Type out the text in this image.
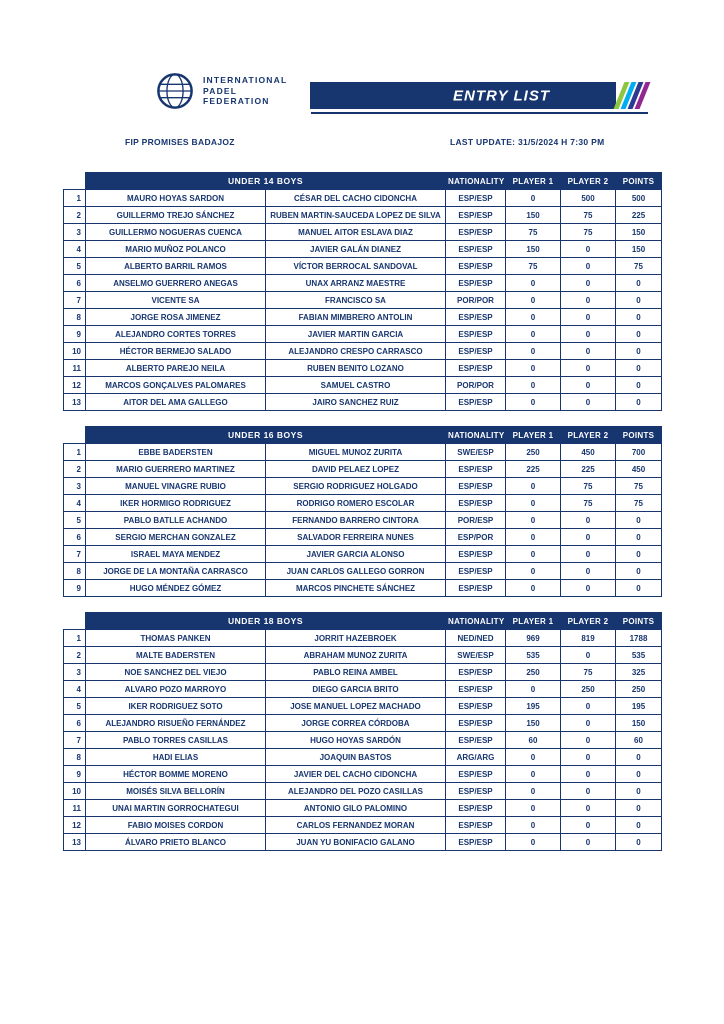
INTERNATIONAL
PADEL
FEDERATION	ENTRY LIST
FIP PROMISES BADAJOZ	LAST UPDATE: 31/5/2024 H 7:30 PM
	UNDER 14 BOYS		NATIONALITY	PLAYER 1	PLAYER 2	POINTS
1	MAURO HOYAS SARDON	CÉSAR DEL CACHO CIDONCHA	ESP/ESP	0	500	500
2	GUILLERMO TREJO SÁNCHEZ	RUBEN MARTIN-SAUCEDA LOPEZ DE SILVA	ESP/ESP	150	75	225
3	GUILLERMO NOGUERAS CUENCA	MANUEL AITOR ESLAVA DIAZ	ESP/ESP	75	75	150
4	MARIO MUÑOZ POLANCO	JAVIER GALÁN DIANEZ	ESP/ESP	150	0	150
5	ALBERTO BARRIL RAMOS	VÍCTOR BERROCAL SANDOVAL	ESP/ESP	75	0	75
6	ANSELMO GUERRERO ANEGAS	UNAX ARRANZ MAESTRE	ESP/ESP	0	0	0
7	VICENTE SA	FRANCISCO SA	POR/POR	0	0	0
8	JORGE ROSA JIMENEZ	FABIAN MIMBRERO ANTOLIN	ESP/ESP	0	0	0
9	ALEJANDRO CORTES TORRES	JAVIER MARTIN GARCIA	ESP/ESP	0	0	0
10	HÉCTOR BERMEJO SALADO	ALEJANDRO CRESPO CARRASCO	ESP/ESP	0	0	0
11	ALBERTO PAREJO NEILA	RUBEN BENITO LOZANO	ESP/ESP	0	0	0
12	MARCOS GONÇALVES PALOMARES	SAMUEL CASTRO	POR/POR	0	0	0
13	AITOR DEL AMA GALLEGO	JAIRO SANCHEZ RUIZ	ESP/ESP	0	0	0
	UNDER 16 BOYS		NATIONALITY	PLAYER 1	PLAYER 2	POINTS
1	EBBE BADERSTEN	MIGUEL MUNOZ ZURITA	SWE/ESP	250	450	700
2	MARIO GUERRERO MARTINEZ	DAVID PELAEZ LOPEZ	ESP/ESP	225	225	450
3	MANUEL VINAGRE RUBIO	SERGIO RODRIGUEZ HOLGADO	ESP/ESP	0	75	75
4	IKER HORMIGO RODRIGUEZ	RODRIGO ROMERO ESCOLAR	ESP/ESP	0	75	75
5	PABLO BATLLE ACHANDO	FERNANDO BARRERO CINTORA	POR/ESP	0	0	0
6	SERGIO MERCHAN GONZALEZ	SALVADOR FERREIRA NUNES	ESP/POR	0	0	0
7	ISRAEL MAYA MENDEZ	JAVIER GARCIA ALONSO	ESP/ESP	0	0	0
8	JORGE DE LA MONTAÑA CARRASCO	JUAN CARLOS GALLEGO GORRON	ESP/ESP	0	0	0
9	HUGO MÉNDEZ GÓMEZ	MARCOS PINCHETE SÁNCHEZ	ESP/ESP	0	0	0
	UNDER 18 BOYS		NATIONALITY	PLAYER 1	PLAYER 2	POINTS
1	THOMAS PANKEN	JORRIT HAZEBROEK	NED/NED	969	819	1788
2	MALTE BADERSTEN	ABRAHAM MUNOZ ZURITA	SWE/ESP	535	0	535
3	NOE SANCHEZ DEL VIEJO	PABLO REINA AMBEL	ESP/ESP	250	75	325
4	ALVARO POZO MARROYO	DIEGO GARCIA BRITO	ESP/ESP	0	250	250
5	IKER RODRIGUEZ SOTO	JOSE MANUEL LOPEZ MACHADO	ESP/ESP	195	0	195
6	ALEJANDRO RISUEÑO FERNÁNDEZ	JORGE CORREA CÓRDOBA	ESP/ESP	150	0	150
7	PABLO TORRES CASILLAS	HUGO HOYAS SARDÓN	ESP/ESP	60	0	60
8	HADI ELIAS	JOAQUIN BASTOS	ARG/ARG	0	0	0
9	HÉCTOR BOMME MORENO	JAVIER DEL CACHO CIDONCHA	ESP/ESP	0	0	0
10	MOISÉS SILVA BELLORÍN	ALEJANDRO DEL POZO CASILLAS	ESP/ESP	0	0	0
11	UNAI MARTIN GORROCHATEGUI	ANTONIO GILO PALOMINO	ESP/ESP	0	0	0
12	FABIO MOISES CORDON	CARLOS FERNANDEZ MORAN	ESP/ESP	0	0	0
13	ÁLVARO PRIETO BLANCO	JUAN YU BONIFACIO GALANO	ESP/ESP	0	0	0
